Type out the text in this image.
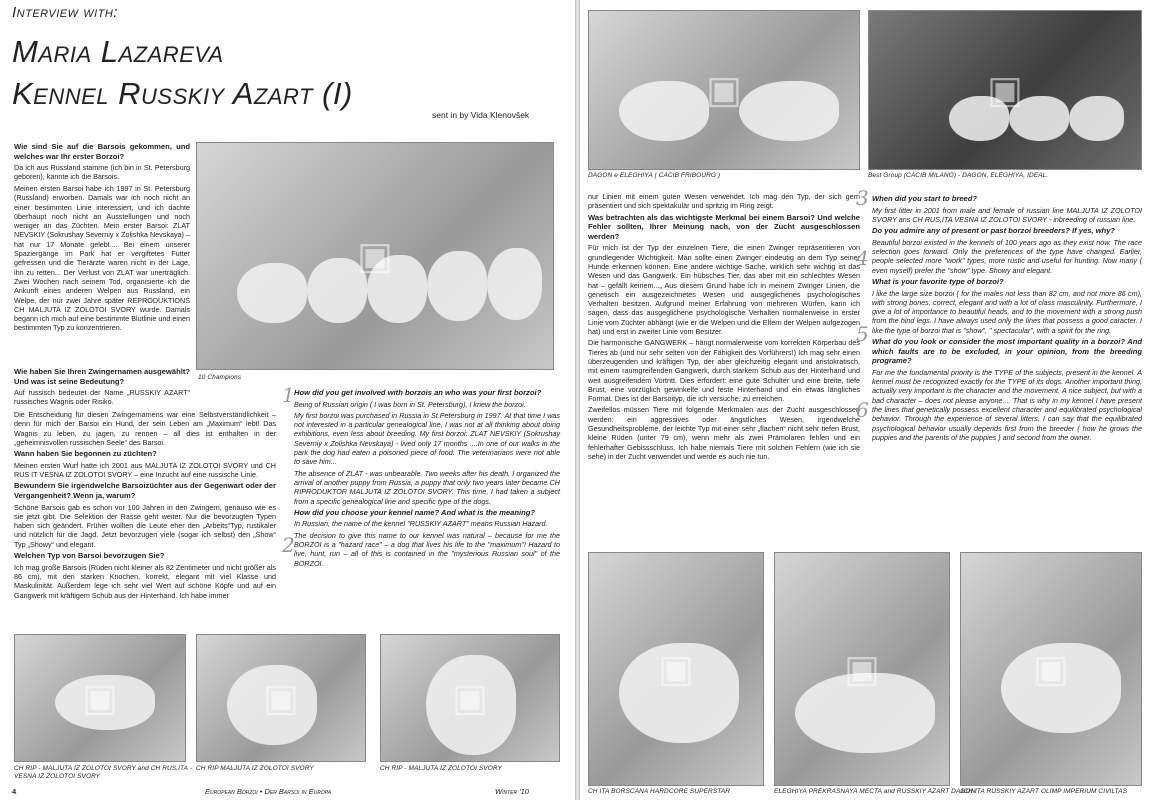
Interview with:
Maria Lazareva
Kennel Russkiy Azart (I)
sent in by Vida Klenovšek
▣
10 Champions
Wie sind Sie auf die Barsois gekommen, und welches war Ihr erster Borzoi?

Da ich aus Russland stamme (ich bin in St. Petersburg geboren), kannte ich die Barsois.

Meinen ersten Barsoi habe ich 1997 in St. Petersburg (Russland) erworben. Damals war ich noch nicht an einer bestimmten Linie interessiert, und ich dachte überhaupt noch nicht an Ausstellungen und noch weniger an das Züchten. Mein erster Barsoi: ZLAT NEVSKIY (Sokrushay Severniy x Zolishka Nevskaya) – hat nur 17 Monate gelebt.... Bei einem unserer Spaziergänge im Park hat er vergiftetes Futter gefressen und die Tierärzte waren nicht in der Lage, ihn zu retten... Der Verlust von ZLAT war unerträglich. Zwei Wochen nach seinem Tod, organisierte ich die Ankunft eines anderen Welpen aus Russland, ein Welpe, der nur zwei Jahre später REPRODUKTIONS CH MALJUTA IZ ZOLOTOI SVORY wurde. Damals begann ich mich auf eine bestimmte Blutlinie und einen bestimmten Typ zu konzentrieren.

Wie haben Sie Ihren Zwingernamen ausgewählt? Und was ist seine Bedeutung?

Auf russisch bedeutet der Name „RUSSKIY AZART“ russisches Wagnis oder Risiko.

Die Entscheidung für diesen Zwingernamens war eine Selbstverständlichkeit – denn für mich der Barsoi ein Hund, der sein Leben am „Maximum“ lebt! Das Wagnis zu leben, zu jagen, zu rennen – all dies ist enthalten in der „geheimnisvollen russischen Seele“ des Barsoi.

Wann haben Sie begonnen zu züchten?

Meinen ersten Wurf hatte ich 2001 aus MALJUTA IZ ZOLOTOI SVORY und CH RUS IT VESNA IZ ZOLOTOI SVORY – eine Inzucht auf eine russische Linie.

Bewundern Sie irgendwelche Barsoizüchter aus der Gegenwart oder der Vergangenheit? Wenn ja, warum?

Schöne Barsois gab es schon vor 100 Jahren in den Zwingern, genauso wie es sie jetzt gibt. Die Selektion der Rasse geht weiter. Nur die bevorzugten Typen haben sich geändert. Früher wollten die Leute eher den „Arbeits“Typ, rustikaler und nützlich für die Jagd. Jetzt bevorzugen viele (sogar ich selbst) den „Show“ Typ „Showy“ und elegant.

Welchen Typ von Barsoi bevorzugen Sie?

Ich mag große Barsois (Rüden nicht kleiner als 82 Zentimeter und nicht größer als 86 cm), mit den starken Knochen, korrekt, elegant mit viel Klasse und Maskulinität. Außerdem lege ich sehr viel Wert auf schöne Köpfe und auf ein Gangwerk mit kräftigem Schub aus der Hinterhand. Ich habe immer

1 How did you get involved with borzois an who was your first borzoi?

Being of Russian origin ( I was born in St. Petersburg), I knew the borzoi.

My first borzoi was purchased in Russia in St.Petersburg in 1997. At that time I was not interested in a particular genealogical line, I was not at all thinking about doing exhibitions, even less about breeding. My first borzoi: ZLAT NEVSKIY (Sokrushay Severniy x Zolishka Nevskaya) - lived only 17 months ....In one of our walks in the park the dog had eaten a poisoned piece of food. The veterinarians were not able to save him...

The absence of ZLAT - was unbearable. Two weeks after his death, I organized the arrival of another puppy from Russia, a puppy that only two years later became CH RIPRODUKTOR MALJUTA IZ ZOLOTOI SVORY. This time, I had taken a subject from a specific genealogical line and specific type of the dogs.

How did you choose your kennel name? And what is the meaning?

In Russian, the name of the kennel "RUSSKIY AZART" means Russian Hazard.

The decision to give this name to our kennel was natural – because for me the BORZOI is a "hazard race" – a dog that lives his life to the "maximum"! Hazard to live, hunt, run – all of this is contained in the "mysterious Russian soul" of the BORZOI.

2
▣
CH RIP - MALJUTA IZ ZOLOTOI SVORY and CH RUS,ITA - VESNA IZ ZOLOTOI SVORY
▣
CH RIP MALJUTA IZ ZOLOTOI SVORY
▣
CH RIP - MALJUTA IZ ZOLOTOI SVORY
4	European Borzoi • Der Barsoi in Europa	Winter '10
▣
DAGON e ELEGHIYA ( CACIB FRIBOURG )
▣
Best Group (CACIB MILANO) - DAGON, ELEGHIYA, IDEAL.

nur Linien mit einem guten Wesen verwendet. Ich mag den Typ, der sich gern präsentiert und sich spektakulär und spritzig im Ring zeigt.

Was betrachten als das wichtigste Merkmal bei einem Barsoi? Und welche Fehler sollten, Ihrer Meinung nach, von der Zucht ausgeschlossen werden?

Für mich ist der Typ der einzelnen Tiere, die einen Zwinger repräsentieren von grundlegender Wichtigkeit. Man sollte einen Zwinger eindeutig an dem Typ seiner Hunde erkennen können. Eine andere wichtige Sache, wirklich sehr wichtig ist das Wesen und das Gangwerk. Ein hübsches Tier, das aber mit ein schlechtes Wesen hat – gefällt keinem...„ Aus diesem Grund habe ich in meinem Zwinger Linien, die genetisch ein ausgezeichnetes Wesen und ausgeglichenes psychologisches Verhalten besitzen. Aufgrund meiner Erfahrung von mehreren Würfen, kann ich sagen, dass das ausgeglichene psychologische Verhalten normalerweise in erster Linie vom Züchter abhängt (wie er die Welpen und die Eltern der Welpen aufgezogen hat) und erst in zweiter Linie vom Besitzer.

Die harmonische GANGWERK – hängt normalerweise vom korrekten Körperbau des Tieres ab (und nur sehr selten von der Fähigkeit des Vorführers!) Ich mag sehr einen überzeugenden und kräftigen Typ, der aber gleichzeitig elegant und aristokratisch, mit einem raumgreifenden Gangwerk, durch starkem Schub aus der Hinterhand und weit ausgreifendem Vortritt. Dies erfordert: eine gute Schulter und eine breite, tiefe Brust, eine vorzüglich gewinkelte und feste Hinterhand und ein etwas längliches Format. Dies ist der Barsoityp, die ich versuche, zu erreichen.

Zweifellos müssen Tiere mit folgende Merkmalen aus der Zucht ausgeschlossen werden: ein aggressives oder ängstliches Wesen, irgendwelche Gesundheitsprobleme, der leichte Typ mit einer sehr „flachen“ nicht sehr tiefen Brust, kleine Rüden (unter 79 cm), wenn mehr als zwei Prämolaren fehlen und ein fehlerhafter Gebissschluss. Ich habe niemals Tiere mit solchen Fehlern (wie ich sie sehe) in der Zucht verwendet und werde es auch nie tun.

When did you start to breed?

My first litter in 2001 from male and female of russian line MALJUTA IZ ZOLOTOI SVORY ans CH RUS,ITA VESNA IZ ZOLOTOI SVORY - inbreeding of russian line.

Do you admire any of present or past borzoi breeders? If yes, why?

Beautiful borzoi existed in the kennels of 100 years ago as they exist now. The race selection goes forward. Only the preferences of the type have changed. Earlier, people selected more "work" types, more rustic and useful for hunting. Now many ( even myself) prefer the "show" type. Showy and elegant.

What is your favorite type of borzoi?

I like the large size borzoi ( for the males not less than 82 cm, and not more 86 cm), with strong bones, correct, elegant and with a lot of class masculinity. Furthermore, I give a lot of importance to beautiful heads, and to the movement with a strong push from the hind legs. I have always used only the lines that possess a good caracter. I like the type of borzoi that is "show", " spectacular", with a spirit for the ring.

What do you look or consider the most important quality in a borzoi? And which faults are to be excluded, in your opinion, from the breeding programe?

For me the fundamental priority is the TYPE of the subjects, present in the kennel. A kennel must be recognized exactly for the TYPE of its dogs. Another important thing, actually very important is the character and the movement. A nice subject, but with a bad character – does not please anyone.... That is why in my kennel I have present the lines that genetically possess excellent character and equilibrated psychological behavior. Through the experience of several litters, I can say that the equilibrated psychological behavior usually depends first from the breeder ( how he grows the puppies and the parents of the puppies ) and second from the owner.

3
4
5
6
▣
CH ITA BORSCANA HARDCORE SUPERSTAR
▣
ELEGHIYA PREKRASNAYA MECTA and RUSSKIY AZART DAGON
▣
JCH ITA RUSSKIY AZART OLIMP IMPERIUM CIVILTAS
